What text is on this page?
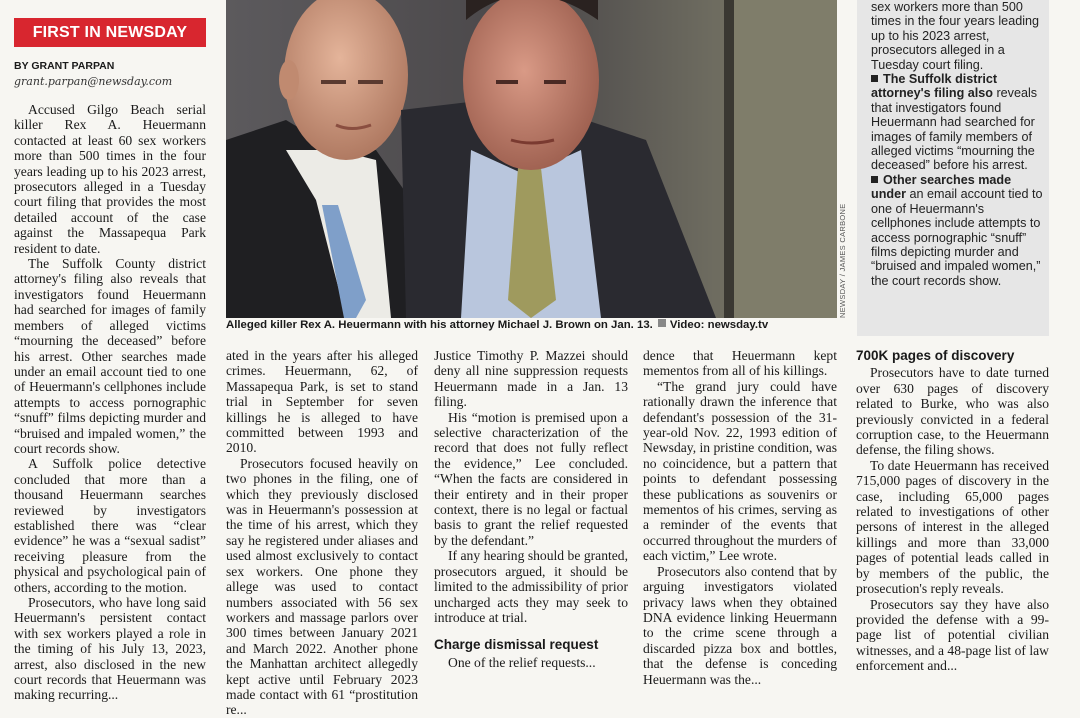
FIRST IN NEWSDAY
BY GRANT PARPAN
grant.parpan@newsday.com

Accused Gilgo Beach serial killer Rex A. Heuermann contacted at least 60 sex workers more than 500 times in the four years leading up to his 2023 arrest, prosecutors alleged in a Tuesday court filing that provides the most detailed account of the case against the Massapequa Park resident to date.

The Suffolk County district attorney's filing also reveals that investigators found Heuermann had searched for images of family members of alleged victims “mourning the deceased” before his arrest. Other searches made under an email account tied to one of Heuermann's cellphones include attempts to access pornographic “snuff” films depicting murder and “bruised and impaled women,” the court records show.

A Suffolk police detective concluded that more than a thousand Heuermann searches reviewed by investigators established there was “clear evidence” he was a “sexual sadist” receiving pleasure from the physical and psychological pain of others, according to the motion.

Prosecutors, who have long said Heuermann's persistent contact with sex workers played a role in the timing of his July 13, 2023, arrest, also disclosed in the new court records that Heuermann was making recurring...

NEWSDAY / JAMES CARBONE
Alleged killer Rex A. Heuermann with his attorney Michael J. Brown on Jan. 13. Video: newsday.tv

ated in the years after his alleged crimes. Heuermann, 62, of Massapequa Park, is set to stand trial in September for seven killings he is alleged to have committed between 1993 and 2010.

Prosecutors focused heavily on two phones in the filing, one of which they previously disclosed was in Heuermann's possession at the time of his arrest, which they say he registered under aliases and used almost exclusively to contact sex workers. One phone they allege was used to contact numbers associated with 56 sex workers and massage parlors over 300 times between January 2021 and March 2022. Another phone the Manhattan architect allegedly kept active until February 2023 made contact with 61 “prostitution re...

Justice Timothy P. Mazzei should deny all nine suppression requests Heuermann made in a Jan. 13 filing.

His “motion is premised upon a selective characterization of the record that does not fully reflect the evidence,” Lee concluded. “When the facts are considered in their entirety and in their proper context, there is no legal or factual basis to grant the relief requested by the defendant.”

If any hearing should be granted, prosecutors argued, it should be limited to the admissibility of prior uncharged acts they may seek to introduce at trial.

Charge dismissal request

One of the relief requests...

dence that Heuermann kept mementos from all of his killings.

“The grand jury could have rationally drawn the inference that defendant's possession of the 31-year-old Nov. 22, 1993 edition of Newsday, in pristine condition, was no coincidence, but a pattern that points to defendant possessing these publications as souvenirs or mementos of his crimes, serving as a reminder of the events that occurred throughout the murders of each victim,” Lee wrote.

Prosecutors also contend that by arguing investigators violated privacy laws when they obtained DNA evidence linking Heuermann to the crime scene through a discarded pizza box and bottles, that the defense is conceding Heuermann was the...

sex workers more than 500 times in the four years leading up to his 2023 arrest, prosecutors alleged in a Tuesday court filing.

The Suffolk district attorney's filing also reveals that investigators found Heuermann had searched for images of family members of alleged victims “mourning the deceased” before his arrest.

Other searches made under an email account tied to one of Heuermann's cellphones include attempts to access pornographic “snuff” films depicting murder and “bruised and impaled women,” the court records show.

700K pages of discovery

Prosecutors have to date turned over 630 pages of discovery related to Burke, who was also previously convicted in a federal corruption case, to the Heuermann defense, the filing shows.

To date Heuermann has received 715,000 pages of discovery in the case, including 65,000 pages related to investigations of other persons of interest in the alleged killings and more than 33,000 pages of potential leads called in by members of the public, the prosecution's reply reveals.

Prosecutors say they have also provided the defense with a 99-page list of potential civilian witnesses, and a 48-page list of law enforcement and...
